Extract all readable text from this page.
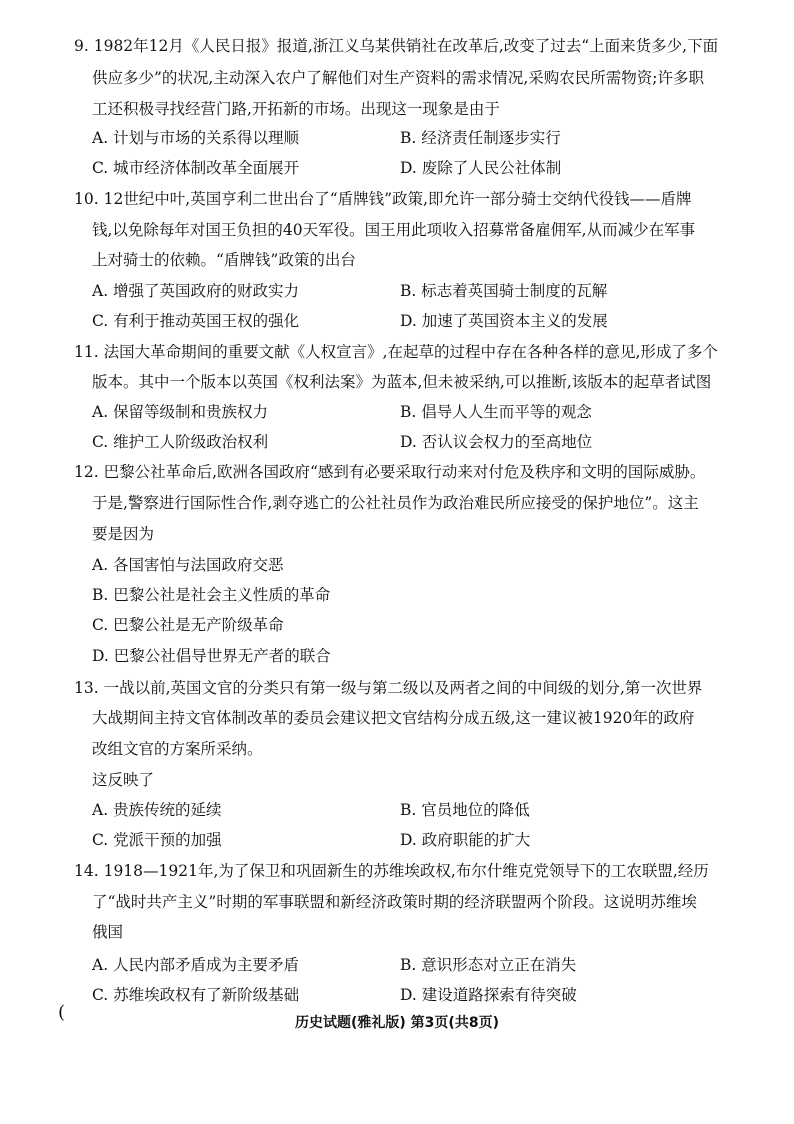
9. 1982年12月《人民日报》报道,浙江义乌某供销社在改革后,改变了过去“上面来货多少,下面
供应多少”的状况,主动深入农户了解他们对生产资料的需求情况,采购农民所需物资;许多职
工还积极寻找经营门路,开拓新的市场。出现这一现象是由于
A. 计划与市场的关系得以理顺	B. 经济责任制逐步实行
C. 城市经济体制改革全面展开	D. 废除了人民公社体制
10. 12世纪中叶,英国亨利二世出台了“盾牌钱”政策,即允许一部分骑士交纳代役钱——盾牌
钱,以免除每年对国王负担的40天军役。国王用此项收入招募常备雇佣军,从而减少在军事
上对骑士的依赖。“盾牌钱”政策的出台
A. 增强了英国政府的财政实力	B. 标志着英国骑士制度的瓦解
C. 有利于推动英国王权的强化	D. 加速了英国资本主义的发展
11. 法国大革命期间的重要文献《人权宣言》,在起草的过程中存在各种各样的意见,形成了多个
版本。其中一个版本以英国《权利法案》为蓝本,但未被采纳,可以推断,该版本的起草者试图
A. 保留等级制和贵族权力	B. 倡导人人生而平等的观念
C. 维护工人阶级政治权利	D. 否认议会权力的至高地位
12. 巴黎公社革命后,欧洲各国政府“感到有必要采取行动来对付危及秩序和文明的国际威胁。
于是,警察进行国际性合作,剥夺逃亡的公社社员作为政治难民所应接受的保护地位”。这主
要是因为
A. 各国害怕与法国政府交恶
B. 巴黎公社是社会主义性质的革命
C. 巴黎公社是无产阶级革命
D. 巴黎公社倡导世界无产者的联合
13. 一战以前,英国文官的分类只有第一级与第二级以及两者之间的中间级的划分,第一次世界
大战期间主持文官体制改革的委员会建议把文官结构分成五级,这一建议被1920年的政府
改组文官的方案所采纳。
这反映了
A. 贵族传统的延续	B. 官员地位的降低
C. 党派干预的加强	D. 政府职能的扩大
14. 1918—1921年,为了保卫和巩固新生的苏维埃政权,布尔什维克党领导下的工农联盟,经历
了“战时共产主义”时期的军事联盟和新经济政策时期的经济联盟两个阶段。这说明苏维埃
俄国
A. 人民内部矛盾成为主要矛盾	B. 意识形态对立正在消失
C. 苏维埃政权有了新阶级基础	D. 建设道路探索有待突破
(	历史试题(雅礼版) 第3页(共8页)
